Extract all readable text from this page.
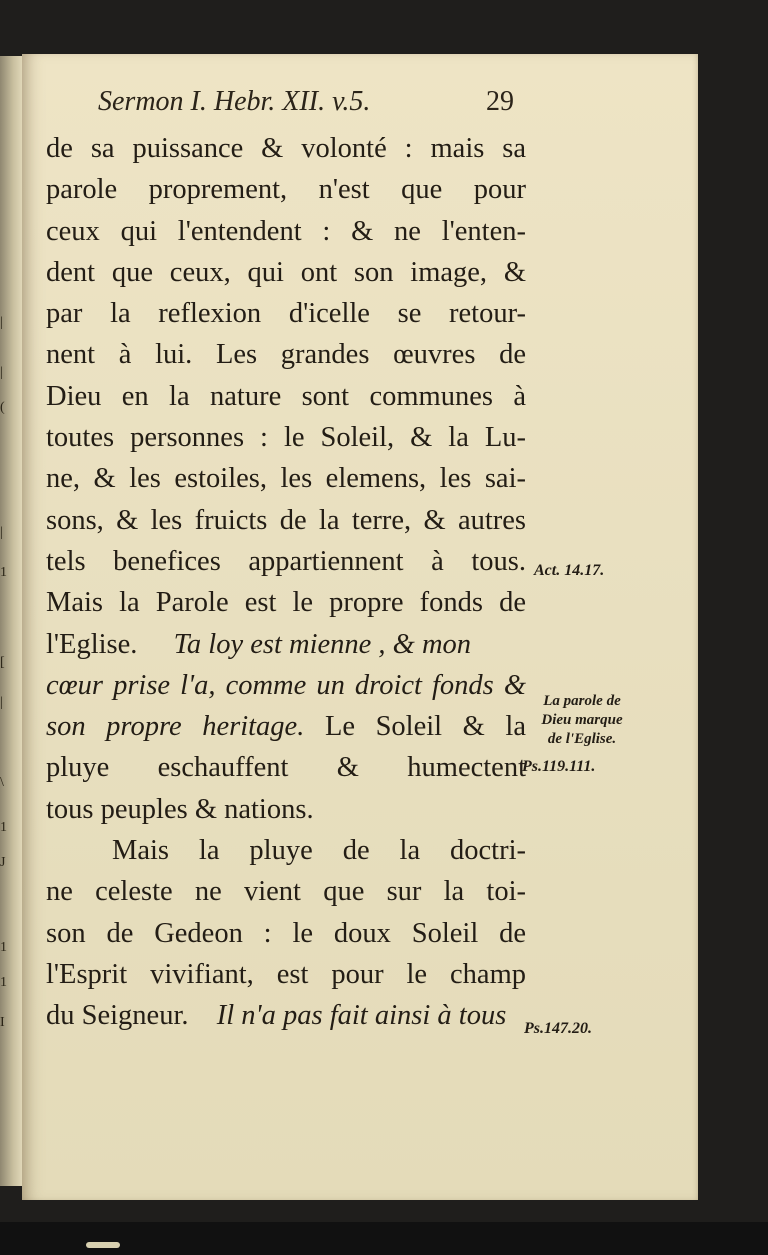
|
|
(
|
1
[
|
\
1
J
1
1
I
Sermon I. Hebr. XII. v.5.	29
de sa puissance & volonté : mais sa
parole proprement, n'est que pour
ceux qui l'entendent : & ne l'enten-
dent que ceux, qui ont son image, &
par la reflexion d'icelle se retour-
nent à lui. Les grandes œuvres de
Dieu en la nature sont communes à
toutes personnes : le Soleil, & la Lu-
ne, & les estoiles, les elemens, les sai-
sons, & les fruicts de la terre, & autres
tels benefices appartiennent à tous.
Mais la Parole est le propre fonds de
l'Eglise. Ta loy est mienne , & mon
cœur prise l'a, comme un droict fonds &
son propre heritage. Le Soleil & la
pluye eschauffent & humectent
tous peuples & nations.
Mais la pluye de la doctri-
ne celeste ne vient que sur la toi-
son de Gedeon : le doux Soleil de
l'Esprit vivifiant, est pour le champ
du Seigneur. Il n'a pas fait ainsi à tous
Act. 14.17.
La parole de
Dieu marque
de l'Eglise.
Ps.119.111.
Ps.147.20.
